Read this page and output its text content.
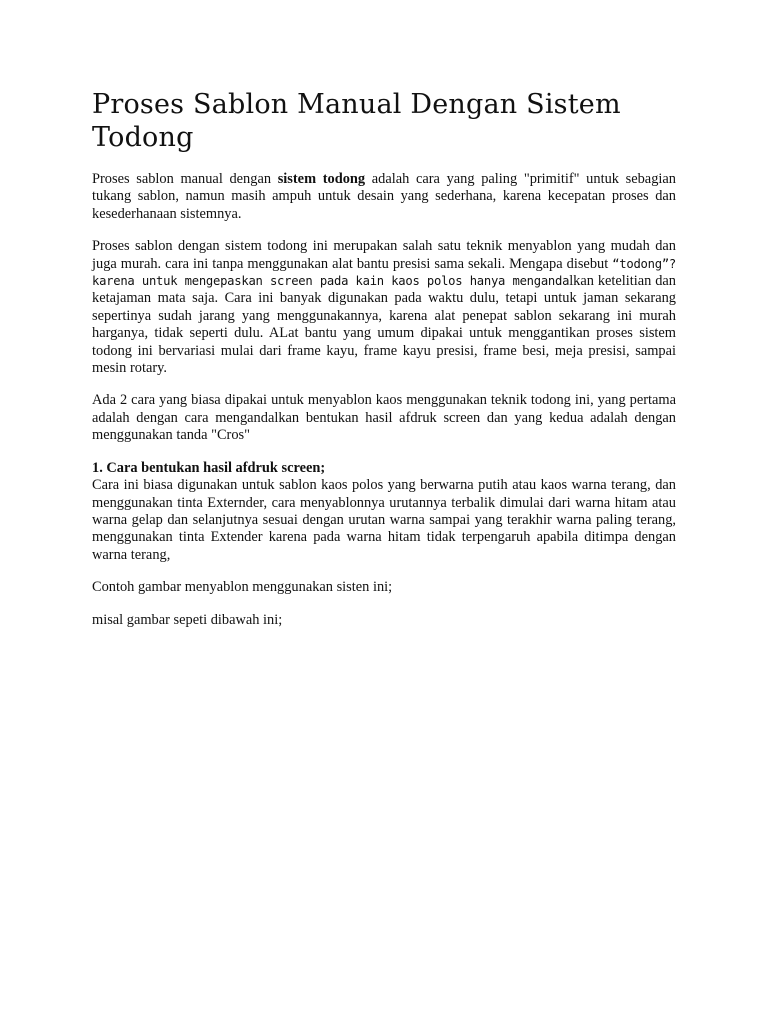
Proses Sablon Manual Dengan Sistem Todong

Proses sablon manual dengan sistem todong adalah cara yang paling "primitif" untuk sebagian tukang sablon, namun masih ampuh untuk desain yang sederhana, karena kecepatan proses dan kesederhanaan sistemnya.

Proses sablon dengan sistem todong ini merupakan salah satu teknik menyablon yang mudah dan juga murah. cara ini tanpa menggunakan alat bantu presisi sama sekali. Mengapa disebut “todong”? karena untuk mengepaskan screen pada kain kaos polos hanya mengandalkan ketelitian dan ketajaman mata saja. Cara ini banyak digunakan pada waktu dulu, tetapi untuk jaman sekarang sepertinya sudah jarang yang menggunakannya, karena alat penepat sablon sekarang ini murah harganya, tidak seperti dulu. ALat bantu yang umum dipakai untuk menggantikan proses sistem todong ini bervariasi mulai dari frame kayu, frame kayu presisi, frame besi, meja presisi, sampai mesin rotary.

Ada 2 cara yang biasa dipakai untuk menyablon kaos menggunakan teknik todong ini, yang pertama adalah dengan cara mengandalkan bentukan hasil afdruk screen dan yang kedua adalah dengan menggunakan tanda "Cros"

1. Cara bentukan hasil afdruk screen;
Cara ini biasa digunakan untuk sablon kaos polos yang berwarna putih atau kaos warna terang, dan menggunakan tinta Externder, cara menyablonnya urutannya terbalik dimulai dari warna hitam atau warna gelap dan selanjutnya sesuai dengan urutan warna sampai yang terakhir warna paling terang, menggunakan tinta Extender karena pada warna hitam tidak terpengaruh apabila ditimpa dengan warna terang,

Contoh gambar menyablon menggunakan sisten ini;

misal gambar sepeti dibawah ini;
